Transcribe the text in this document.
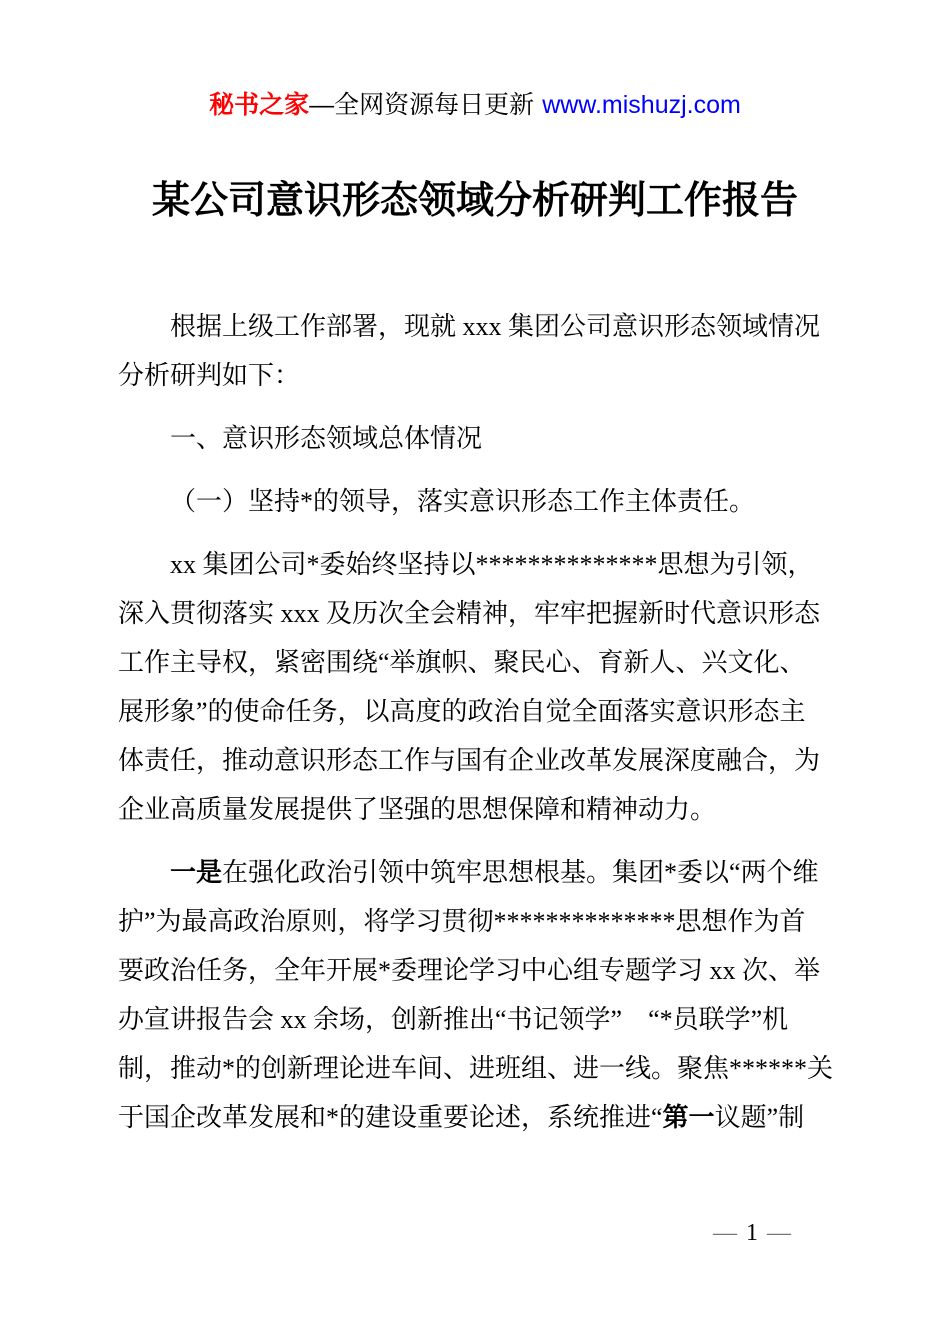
秘书之家—全网资源每日更新 www.mishuzj.com
某公司意识形态领域分析研判工作报告
根据上级工作部署，现就 xxx 集团公司意识形态领域情况
分析研判如下：
一、意识形态领域总体情况
（一）坚持*的领导，落实意识形态工作主体责任。
xx 集团公司*委始终坚持以**************思想为引领，
深入贯彻落实 xxx 及历次全会精神，牢牢把握新时代意识形态
工作主导权，紧密围绕“举旗帜、聚民心、育新人、兴文化、
展形象”的使命任务，以高度的政治自觉全面落实意识形态主
体责任，推动意识形态工作与国有企业改革发展深度融合，为
企业高质量发展提供了坚强的思想保障和精神动力。
一是在强化政治引领中筑牢思想根基。集团*委以“两个维
护”为最高政治原则，将学习贯彻**************思想作为首
要政治任务，全年开展*委理论学习中心组专题学习 xx 次、举
办宣讲报告会 xx 余场，创新推出“书记领学”　“*员联学”机
制，推动*的创新理论进车间、进班组、进一线。聚焦******关
于国企改革发展和*的建设重要论述，系统推进“第一议题”制
— 1 —
